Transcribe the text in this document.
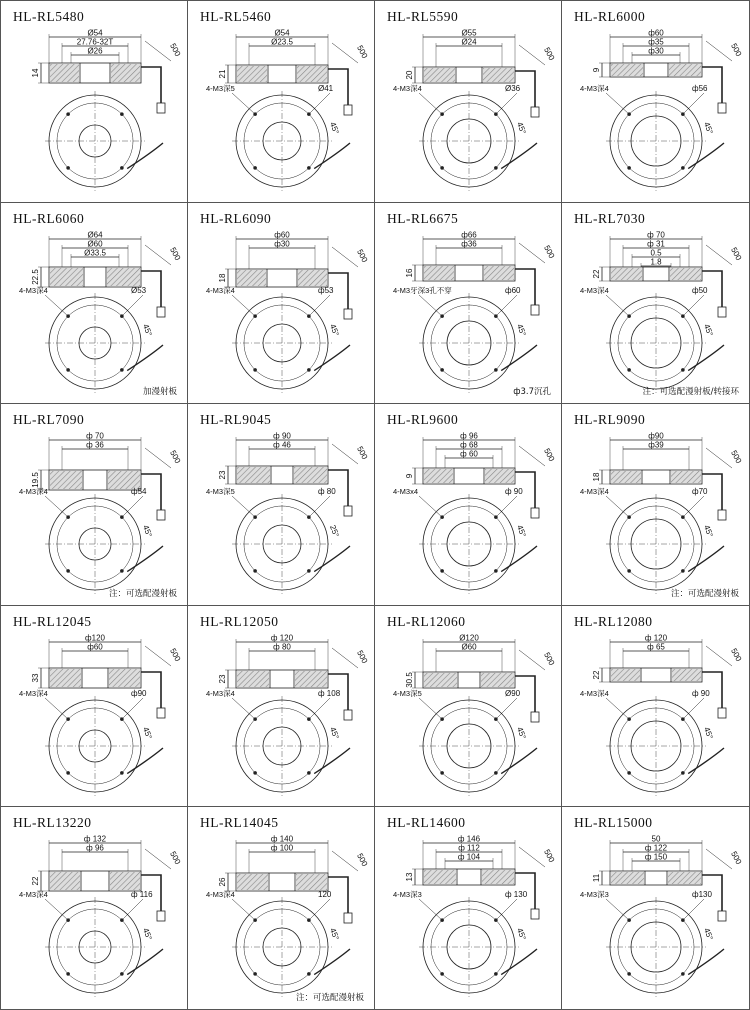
HL-RL5480
Ø54
27.76-32T
Ø26
14
500
HL-RL5460
Ø54
Ø23.5
21
500
4-M3深5	Ø41
45°
HL-RL5590
Ø55
Ø24
20
500
4-M3深4	Ø36
45°
HL-RL6000
ф60
ф35
ф30
9
500
4-M3深4	ф56
45°
HL-RL6060
Ø64
Ø60
Ø33.5
22.5
500
4-M3深4	Ø53
45°
加漫射板
HL-RL6090
ф60
ф30
18
500
4-M3深4	ф53
45°
HL-RL6675
ф66
ф36
16
500
4-M3牙深3孔不穿	ф60
45°
ф3.7沉孔
HL-RL7030
ф 70
ф 31
0.5
1.8
22
500
4-M3深4	ф50
45°
注：可选配漫射板/转接环
HL-RL7090
ф 70
ф 36
19.5
500
4-M3深4	ф54
45°
注：可选配漫射板
HL-RL9045
ф 90
ф 46
23
500
4-M3深5	ф 80
25°
HL-RL9600
ф 96
ф 68
ф 60
9
500
4-M3x4	ф 90
45°
HL-RL9090
ф90
ф39
18
500
4-M3深4	ф70
45°
注：可选配漫射板
HL-RL12045
ф120
ф60
33
500
4-M3深4	ф90
45°
HL-RL12050
ф 120
ф 80
23
500
4-M3深4	ф 108
45°
HL-RL12060
Ø120
Ø60
30.5
500
4-M3深5	Ø90
45°
HL-RL12080
ф 120
ф 65
22
500
4-M3深4	ф 90
45°
HL-RL13220
ф 132
ф 96
22
500
4-M3深4	ф 116
45°
HL-RL14045
ф 140
ф 100
26
500
4-M3深4	120
45°
注：可选配漫射板
HL-RL14600
ф 146
ф 112
ф 104
13
500
4-M3深3	ф 130
45°
HL-RL15000
50
ф 122
ф 150
11
500
4-M3深3	ф130
45°
